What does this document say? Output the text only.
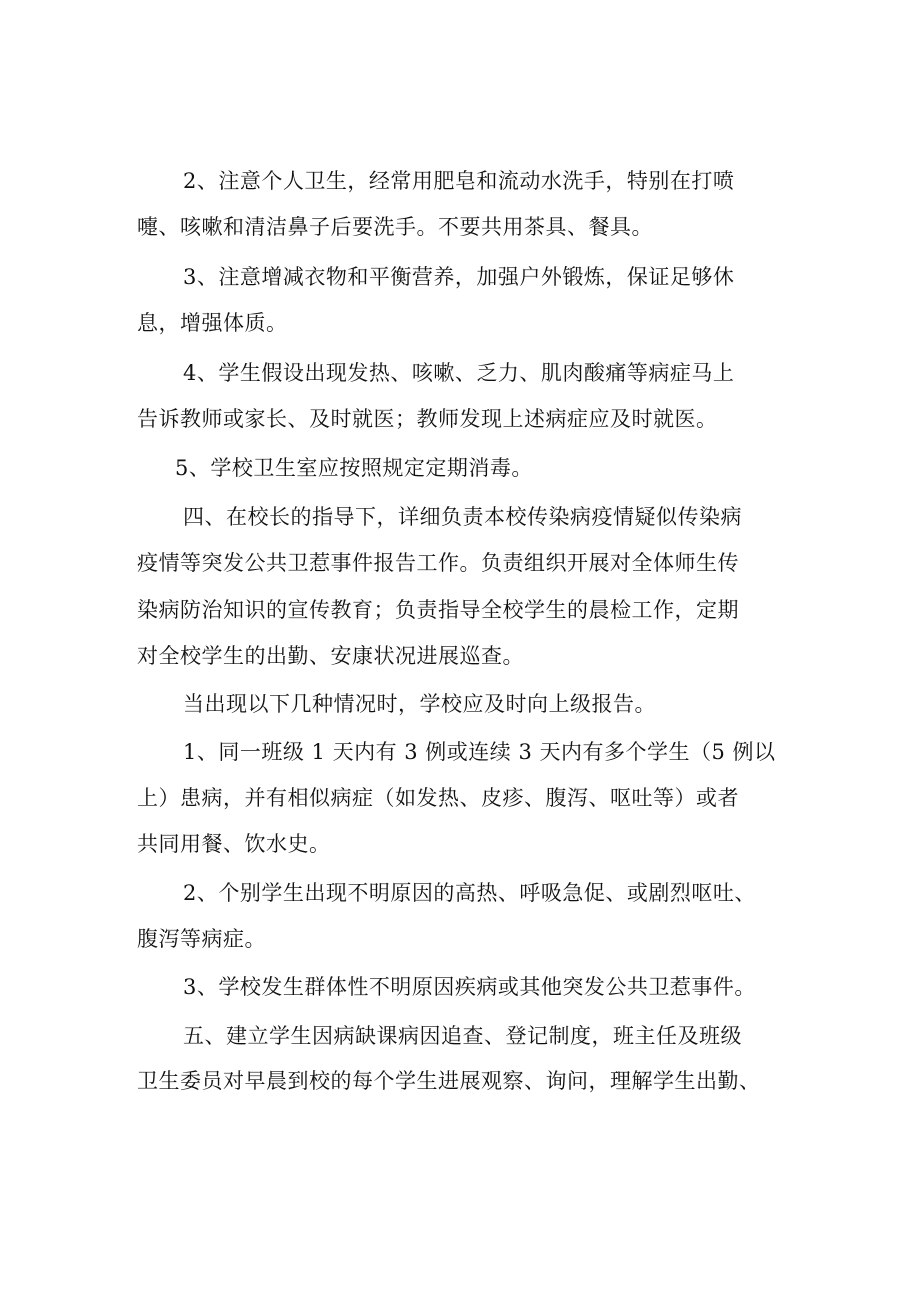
2、注意个人卫生，经常用肥皂和流动水洗手，特别在打喷
嚏、咳嗽和清洁鼻子后要洗手。不要共用茶具、餐具。
3、注意增减衣物和平衡营养，加强户外锻炼，保证足够休
息，增强体质。
4、学生假设出现发热、咳嗽、乏力、肌肉酸痛等病症马上
告诉教师或家长、及时就医；教师发现上述病症应及时就医。
5、学校卫生室应按照规定定期消毒。
四、在校长的指导下，详细负责本校传染病疫情疑似传染病
疫情等突发公共卫惹事件报告工作。负责组织开展对全体师生传
染病防治知识的宣传教育；负责指导全校学生的晨检工作，定期
对全校学生的出勤、安康状况进展巡查。
当出现以下几种情况时，学校应及时向上级报告。
1、同一班级 1 天内有 3 例或连续 3 天内有多个学生（5 例以
上）患病，并有相似病症（如发热、皮疹、腹泻、呕吐等）或者
共同用餐、饮水史。
2、个别学生出现不明原因的高热、呼吸急促、或剧烈呕吐、
腹泻等病症。
3、学校发生群体性不明原因疾病或其他突发公共卫惹事件。
五、建立学生因病缺课病因追查、登记制度，班主任及班级
卫生委员对早晨到校的每个学生进展观察、询问，理解学生出勤、
